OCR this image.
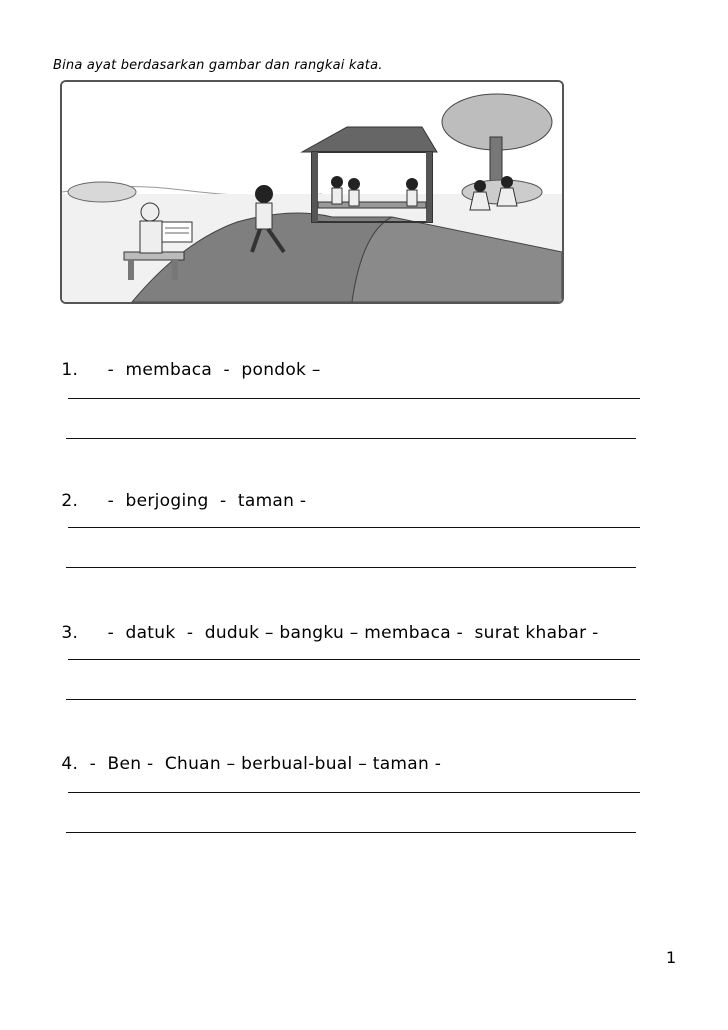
Bina ayat berdasarkan gambar dan rangkai kata.

1.  -  membaca  -  pondok –

2.  -  berjoging  -  taman -

3.  -  datuk  -  duduk – bangku – membaca -  surat khabar -

4.  -  Ben -  Chuan – berbual-bual – taman -

1
